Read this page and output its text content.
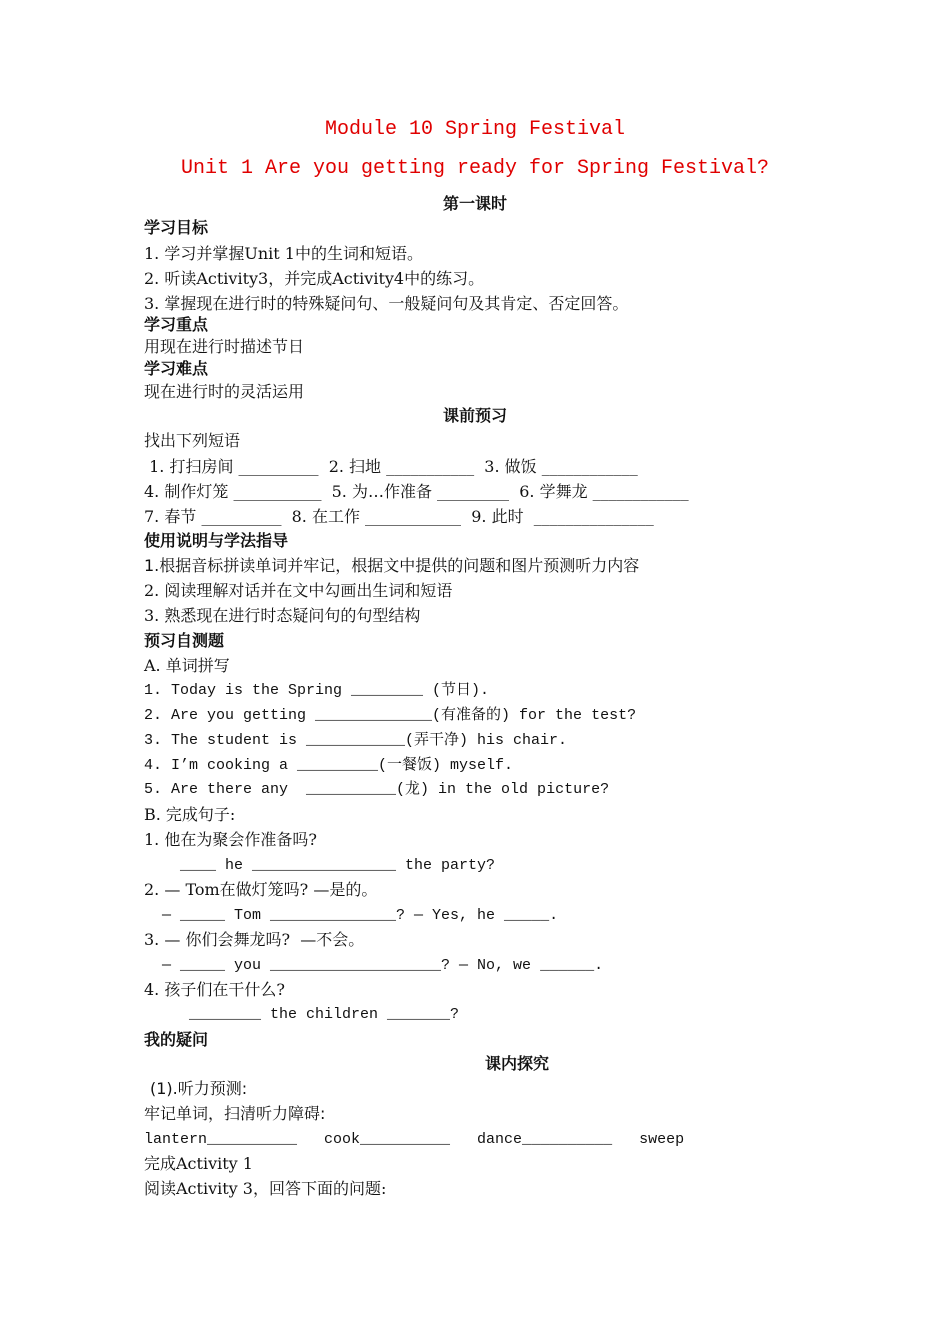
Module 10 Spring Festival
Unit 1 Are you getting ready for Spring Festival?
第一课时
学习目标
1. 学习并掌握Unit 1中的生词和短语。
2. 听读Activity3，并完成Activity4中的练习。
3. 掌握现在进行时的特殊疑问句、一般疑问句及其肯定、否定回答。
学习重点
用现在进行时描述节日
学习难点
现在进行时的灵活运用
课前预习
找出下列短语
1. 打扫房间 __________  2. 扫地 ___________  3. 做饭 ____________
4. 制作灯笼 ___________  5. 为…作准备 _________  6. 学舞龙 ____________
7. 春节 __________  8. 在工作 ____________  9. 此时  _______________
使用说明与学法指导
1.根据音标拼读单词并牢记，根据文中提供的问题和图片预测听力内容
2. 阅读理解对话并在文中勾画出生词和短语
3. 熟悉现在进行时态疑问句的句型结构
预习自测题
A. 单词拼写
1. Today is the Spring ________ (节日).
2. Are you getting _____________(有准备的) for the test?
3. The student is ___________(弄干净) his chair.
4. I’m cooking a _________(一餐饭) myself.
5. Are there any  __________(龙) in the old picture?
B. 完成句子:
1. 他在为聚会作准备吗?
____ he ________________ the party?
2. — Tom在做灯笼吗? —是的。
— _____ Tom ______________? — Yes, he _____.
3. — 你们会舞龙吗?  —不会。
— _____ you ___________________? — No, we ______.
4. 孩子们在干什么?
________ the children _______?
我的疑问
课内探究
(1).听力预测:
牢记单词，扫清听力障碍:
lantern__________   cook__________   dance__________   sweep
完成Activity 1
阅读Activity 3，回答下面的问题:
